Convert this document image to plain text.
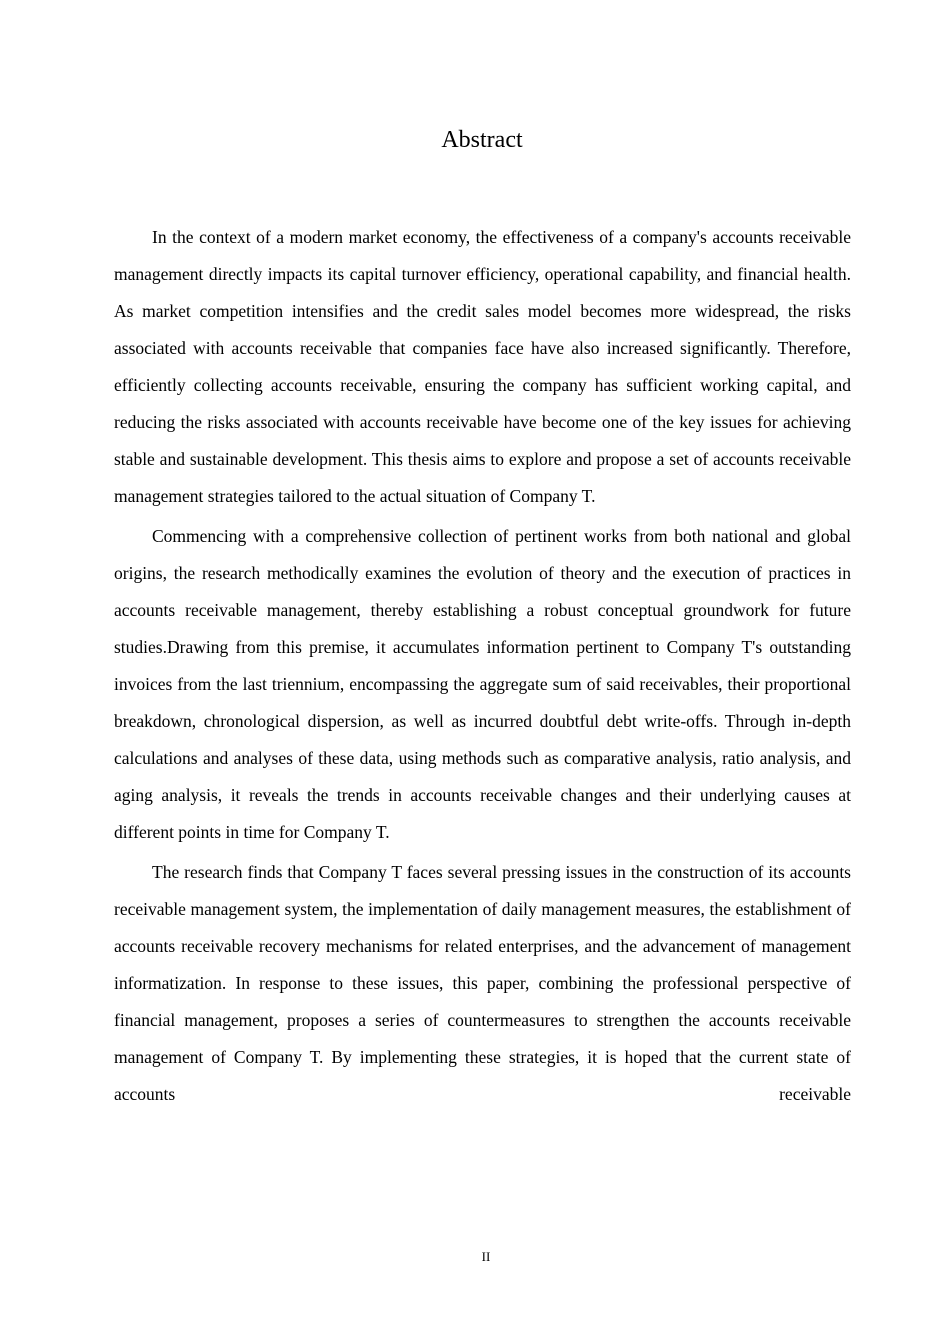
Abstract

In the context of a modern market economy, the effectiveness of a company's accounts receivable management directly impacts its capital turnover efficiency, operational capability, and financial health. As market competition intensifies and the credit sales model becomes more widespread, the risks associated with accounts receivable that companies face have also increased significantly. Therefore, efficiently collecting accounts receivable, ensuring the company has sufficient working capital, and reducing the risks associated with accounts receivable have become one of the key issues for achieving stable and sustainable development. This thesis aims to explore and propose a set of accounts receivable management strategies tailored to the actual situation of Company T.

Commencing with a comprehensive collection of pertinent works from both national and global origins, the research methodically examines the evolution of theory and the execution of practices in accounts receivable management, thereby establishing a robust conceptual groundwork for future studies.Drawing from this premise, it accumulates information pertinent to Company T's outstanding invoices from the last triennium, encompassing the aggregate sum of said receivables, their proportional breakdown, chronological dispersion, as well as incurred doubtful debt write-offs. Through in-depth calculations and analyses of these data, using methods such as comparative analysis, ratio analysis, and aging analysis, it reveals the trends in accounts receivable changes and their underlying causes at different points in time for Company T.

The research finds that Company T faces several pressing issues in the construction of its accounts receivable management system, the implementation of daily management measures, the establishment of accounts receivable recovery mechanisms for related enterprises, and the advancement of management informatization. In response to these issues, this paper, combining the professional perspective of financial management, proposes a series of countermeasures to strengthen the accounts receivable management of Company T. By implementing these strategies, it is hoped that the current state of accounts receivable

II
